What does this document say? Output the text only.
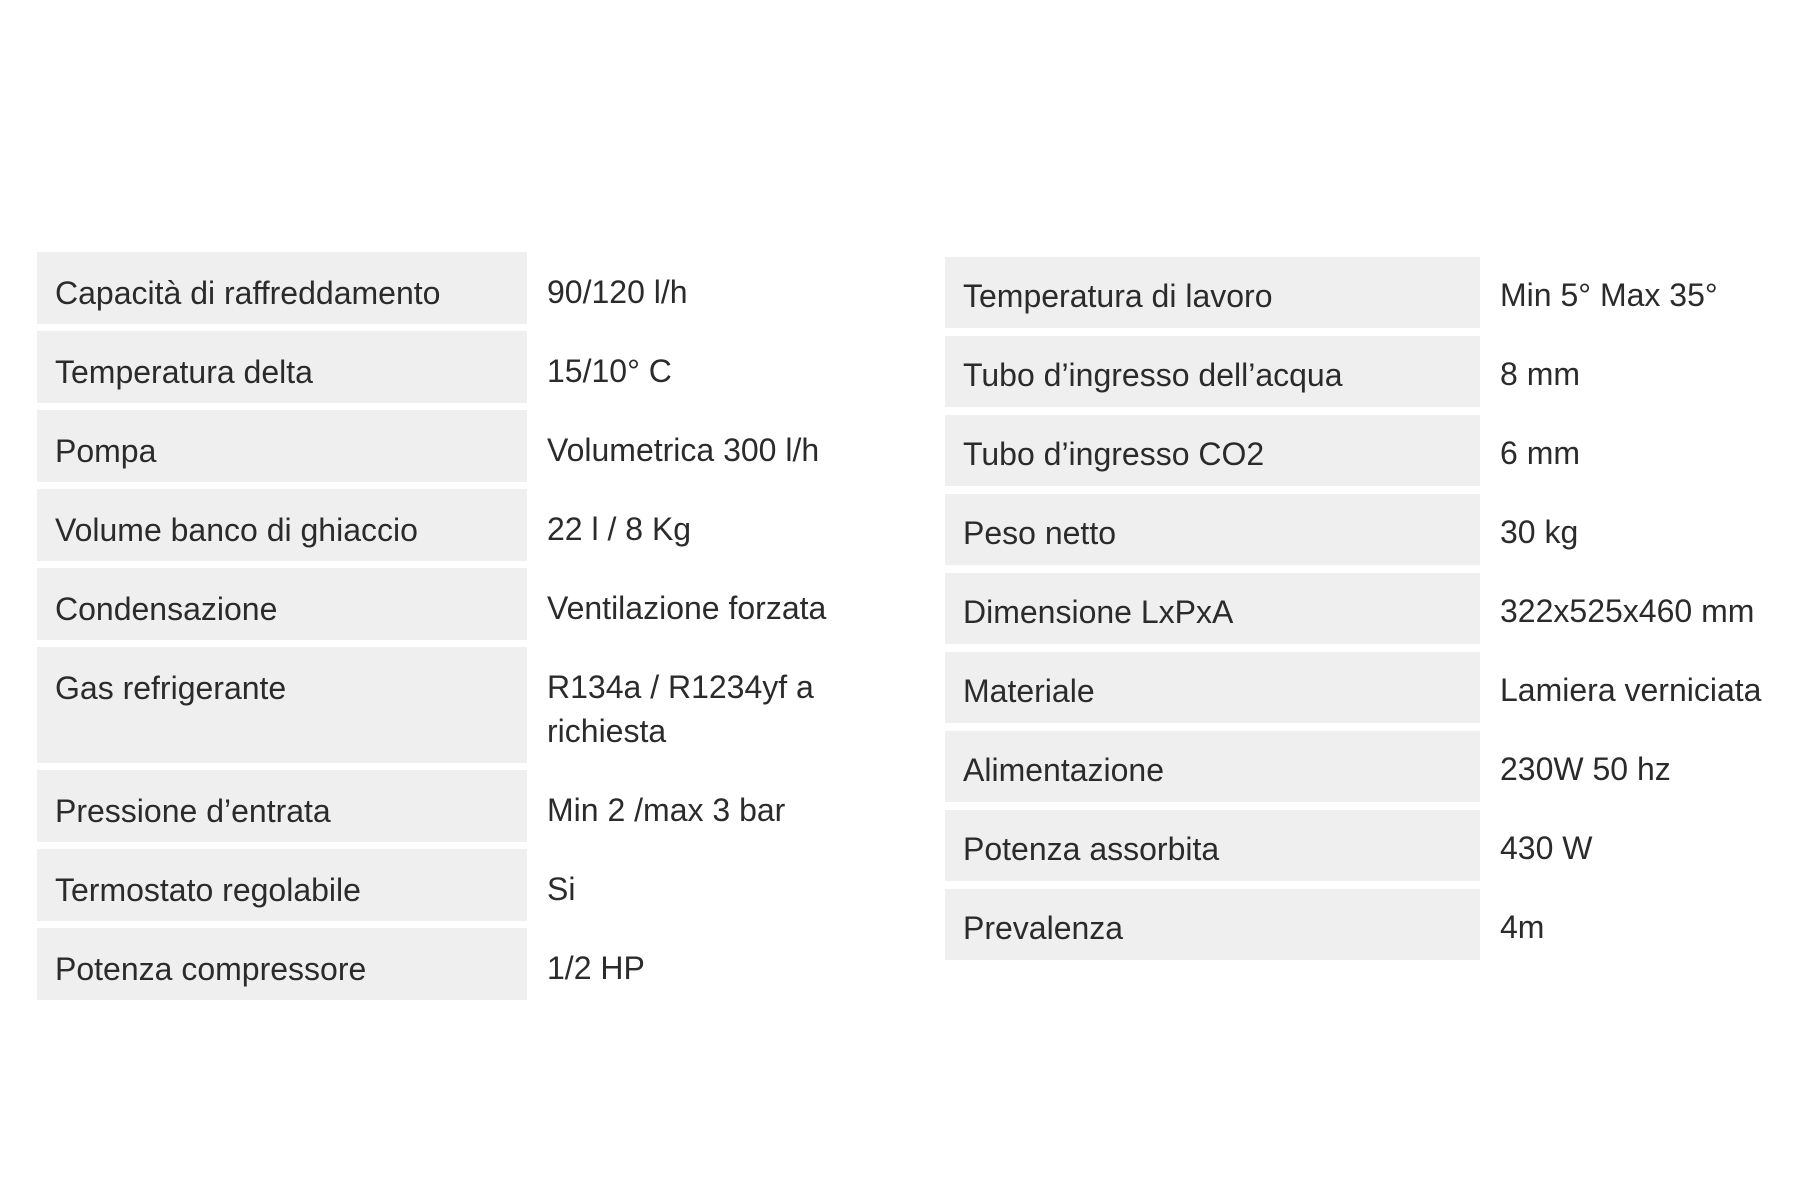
Capacità di raffreddamento	90/120 l/h
Temperatura delta	15/10° C
Pompa	Volumetrica 300 l/h
Volume banco di ghiaccio	22 l / 8 Kg
Condensazione	Ventilazione forzata
Gas refrigerante	R134a / R1234yf a richiesta
Pressione d’entrata	Min 2 /max 3 bar
Termostato regolabile	Si
Potenza compressore	1/2 HP
Temperatura di lavoro	Min 5° Max 35°
Tubo d’ingresso dell’acqua	8 mm
Tubo d’ingresso CO2	6 mm
Peso netto	30 kg
Dimensione LxPxA	322x525x460 mm
Materiale	Lamiera verniciata
Alimentazione	230W 50 hz
Potenza assorbita	430 W
Prevalenza	4m
